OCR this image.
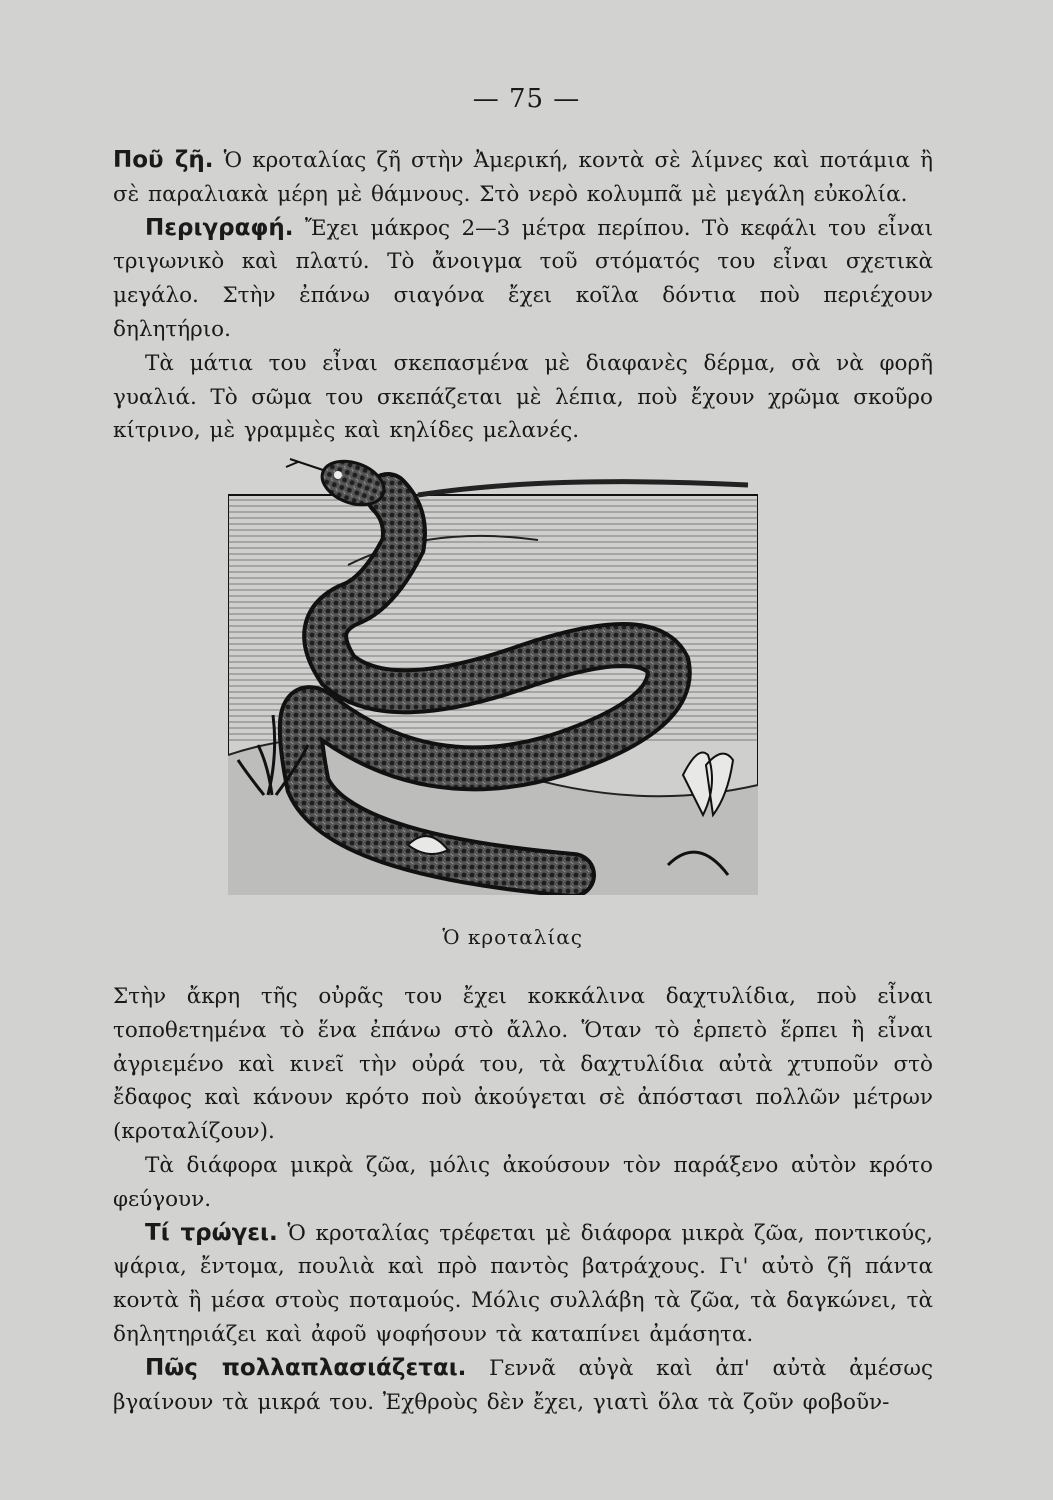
— 75 —

Ποῦ ζῆ. Ὁ κροταλίας ζῆ στὴν Ἀμερική, κοντὰ σὲ λίμνες καὶ ποτάμια ἢ σὲ παραλιακὰ μέρη μὲ θάμνους. Στὸ νερὸ κολυμπᾶ μὲ μεγάλη εὐκολία.

Περιγραφή. Ἔχει μάκρος 2—3 μέτρα περίπου. Τὸ κεφάλι του εἶναι τριγωνικὸ καὶ πλατύ. Τὸ ἄνοιγμα τοῦ στόματός του εἶναι σχετικὰ μεγάλο. Στὴν ἐπάνω σιαγόνα ἔχει κοῖλα δόντια ποὺ περιέχουν δηλητήριο.

Τὰ μάτια του εἶναι σκεπασμένα μὲ διαφανὲς δέρμα, σὰ νὰ φορῆ γυαλιά. Τὸ σῶμα του σκεπάζεται μὲ λέπια, ποὺ ἔχουν χρῶμα σκοῦρο κίτρινο, μὲ γραμμὲς καὶ κηλίδες μελανές.

Ὁ κροταλίας

Στὴν ἄκρη τῆς οὐρᾶς του ἔχει κοκκάλινα δαχτυλίδια, ποὺ εἶναι τοποθετημένα τὸ ἕνα ἐπάνω στὸ ἄλλο. Ὅταν τὸ ἑρπετὸ ἕρπει ἢ εἶναι ἀγριεμένο καὶ κινεῖ τὴν οὐρά του, τὰ δαχτυλίδια αὐτὰ χτυποῦν στὸ ἔδαφος καὶ κάνουν κρότο ποὺ ἀκούγεται σὲ ἀπόστασι πολλῶν μέτρων (κροταλίζουν).

Τὰ διάφορα μικρὰ ζῶα, μόλις ἀκούσουν τὸν παράξενο αὐτὸν κρότο φεύγουν.

Τί τρώγει. Ὁ κροταλίας τρέφεται μὲ διάφορα μικρὰ ζῶα, ποντικούς, ψάρια, ἔντομα, πουλιὰ καὶ πρὸ παντὸς βατράχους. Γι' αὐτὸ ζῆ πάντα κοντὰ ἢ μέσα στοὺς ποταμούς. Μόλις συλλάβη τὰ ζῶα, τὰ δαγκώνει, τὰ δηλητηριάζει καὶ ἀφοῦ ψοφήσουν τὰ καταπίνει ἀμάσητα.

Πῶς πολλαπλασιάζεται. Γεννᾶ αὐγὰ καὶ ἀπ' αὐτὰ ἀμέσως βγαίνουν τὰ μικρά του. Ἐχθροὺς δὲν ἔχει, γιατὶ ὅλα τὰ ζοῦν φοβοῦν-
